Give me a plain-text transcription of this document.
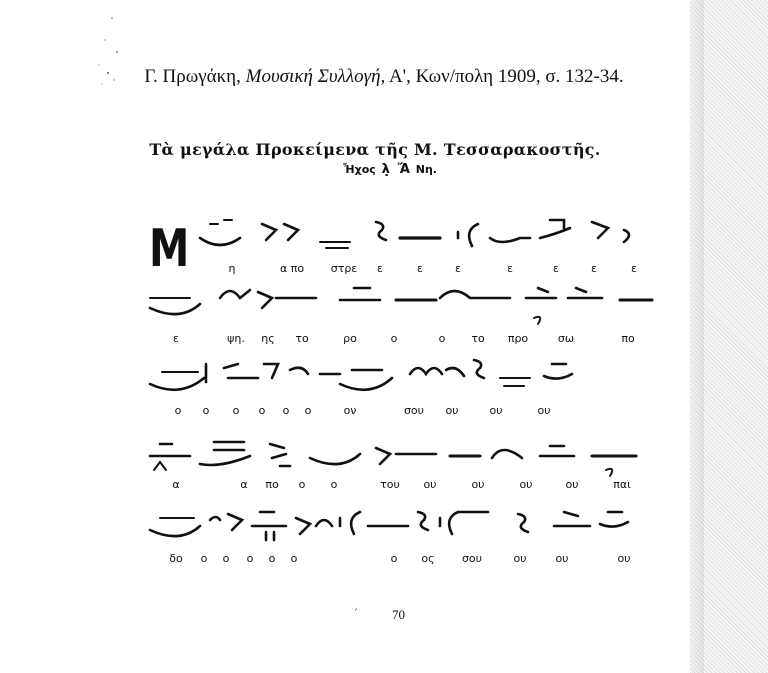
Γ. Πρωγάκη, Μουσική Συλλογή, Α', Κων/πολη 1909, σ. 132-34.
Τὰ μεγάλα Προκείμενα τῆς Μ. Τεσσαρακοστῆς.
Ἦχος λ̣ Ἄ Νη.
Μ	η	α πο στρε ε	ε	ε	ε	ε	ε	ε
ε	ψη. ης το	ρο	ο	ο το προ	σω	πο
ο ο ο ο ο ο	ον	σου ου	ου	ου
α	α πο ο ο	του ου	ου	ου	ου	παι
δο ο ο ο ο ο	ο ος σου	ου	ου	ου
ˊ	70
